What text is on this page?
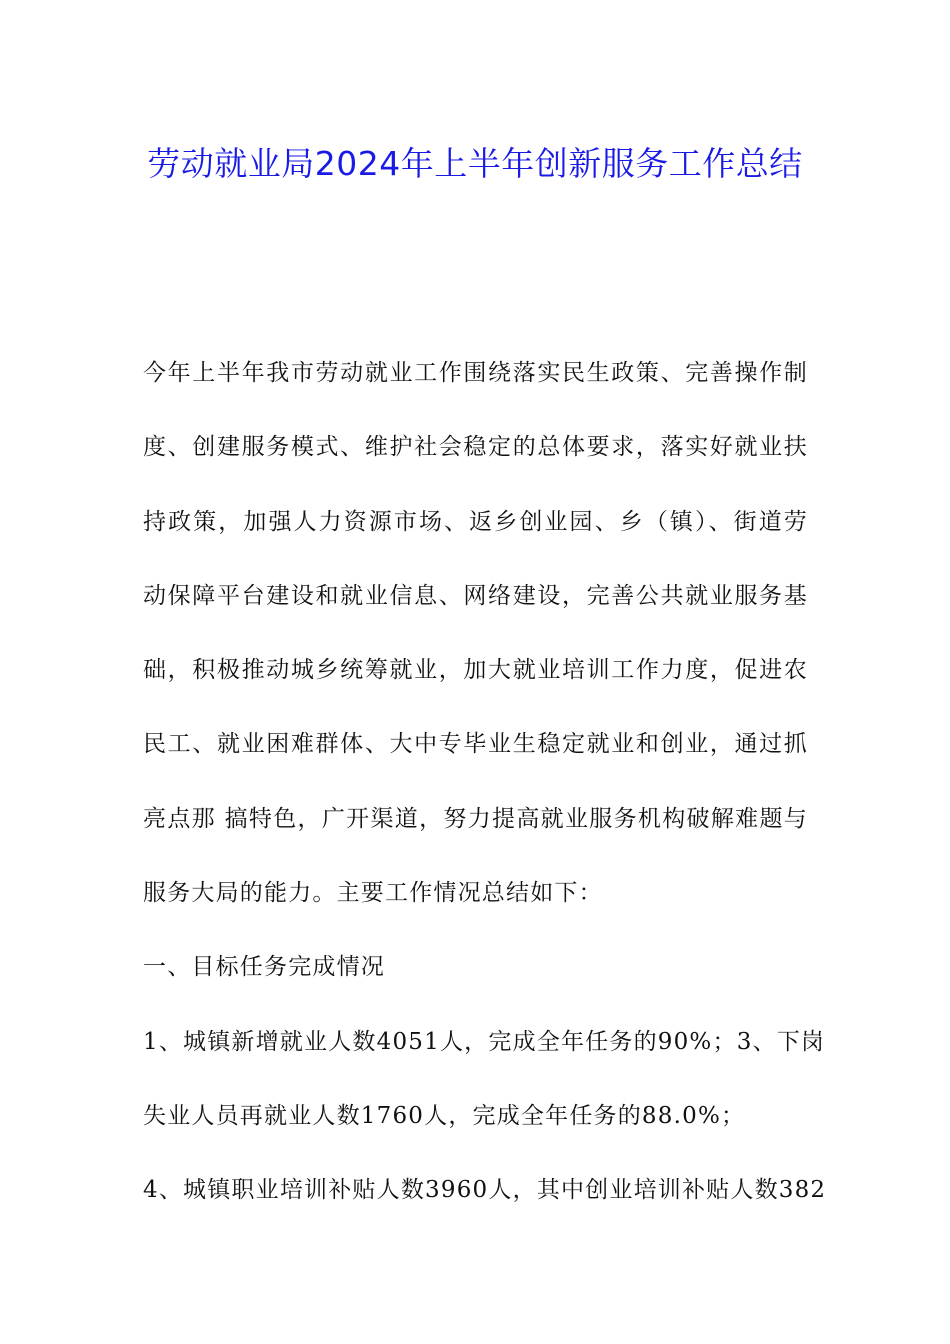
劳动就业局2024年上半年创新服务工作总结
今年上半年我市劳动就业工作围绕落实民生政策、完善操作制
度、创建服务模式、维护社会稳定的总体要求，落实好就业扶
持政策，加强人力资源市场、返乡创业园、乡（镇）、街道劳
动保障平台建设和就业信息、网络建设，完善公共就业服务基
础，积极推动城乡统筹就业，加大就业培训工作力度，促进农
民工、就业困难群体、大中专毕业生稳定就业和创业，通过抓
亮点那 搞特色，广开渠道，努力提高就业服务机构破解难题与
服务大局的能力。主要工作情况总结如下：
一、目标任务完成情况
1、城镇新增就业人数4051人，完成全年任务的90%；3、下岗
失业人员再就业人数1760人，完成全年任务的88.0%；
4、城镇职业培训补贴人数3960人，其中创业培训补贴人数382
